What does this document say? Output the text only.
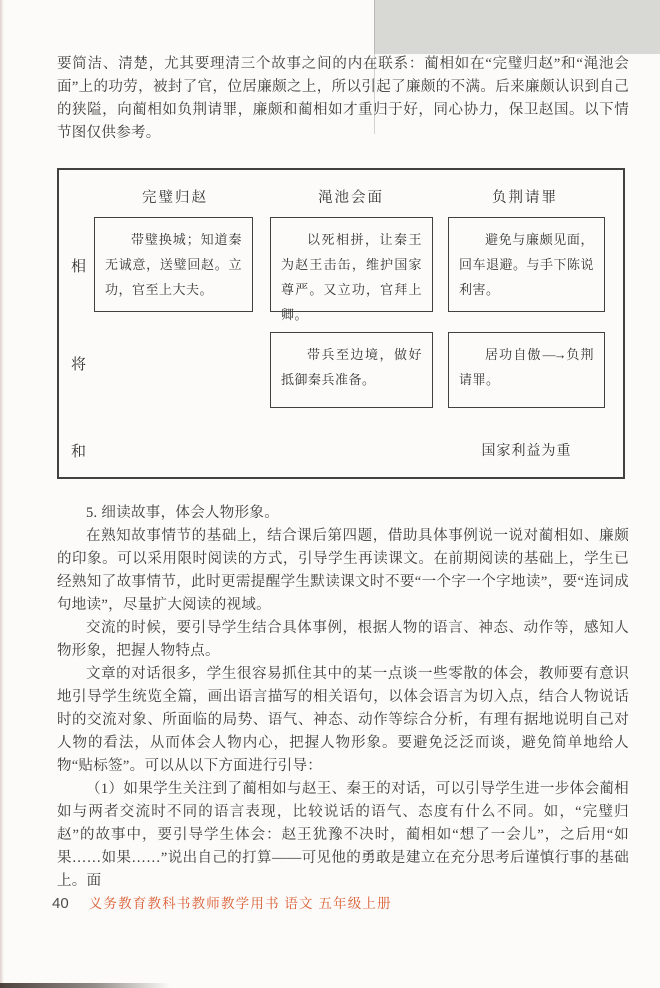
要简洁、清楚，尤其要理清三个故事之间的内在联系：蔺相如在“完璧归赵”和“渑池会面”上的功劳，被封了官，位居廉颇之上，所以引起了廉颇的不满。后来廉颇认识到自己的狭隘，向蔺相如负荆请罪，廉颇和蔺相如才重归于好，同心协力，保卫赵国。以下情节图仅供参考。

完璧归赵	渑池会面	负荆请罪
相
将
和

带璧换城；知道秦无诚意，送璧回赵。立功，官至上大夫。

以死相拼，让秦王为赵王击缶，维护国家尊严。又立功，官拜上卿。

避免与廉颇见面，回车退避。与手下陈说利害。

带兵至边境，做好抵御秦兵准备。

居功自傲—→负荆请罪。

国家利益为重

5. 细读故事，体会人物形象。

在熟知故事情节的基础上，结合课后第四题，借助具体事例说一说对蔺相如、廉颇的印象。可以采用限时阅读的方式，引导学生再读课文。在前期阅读的基础上，学生已经熟知了故事情节，此时更需提醒学生默读课文时不要“一个字一个字地读”，要“连词成句地读”，尽量扩大阅读的视域。

交流的时候，要引导学生结合具体事例，根据人物的语言、神态、动作等，感知人物形象，把握人物特点。

文章的对话很多，学生很容易抓住其中的某一点谈一些零散的体会，教师要有意识地引导学生统览全篇，画出语言描写的相关语句，以体会语言为切入点，结合人物说话时的交流对象、所面临的局势、语气、神态、动作等综合分析，有理有据地说明自己对人物的看法，从而体会人物内心，把握人物形象。要避免泛泛而谈，避免简单地给人物“贴标签”。可以从以下方面进行引导：

（1）如果学生关注到了蔺相如与赵王、秦王的对话，可以引导学生进一步体会蔺相如与两者交流时不同的语言表现，比较说话的语气、态度有什么不同。如，“完璧归赵”的故事中，要引导学生体会：赵王犹豫不决时，蔺相如“想了一会儿”，之后用“如果……如果……”说出自己的打算——可见他的勇敢是建立在充分思考后谨慎行事的基础上。面

40 义务教育教科书教师教学用书 语文 五年级上册
